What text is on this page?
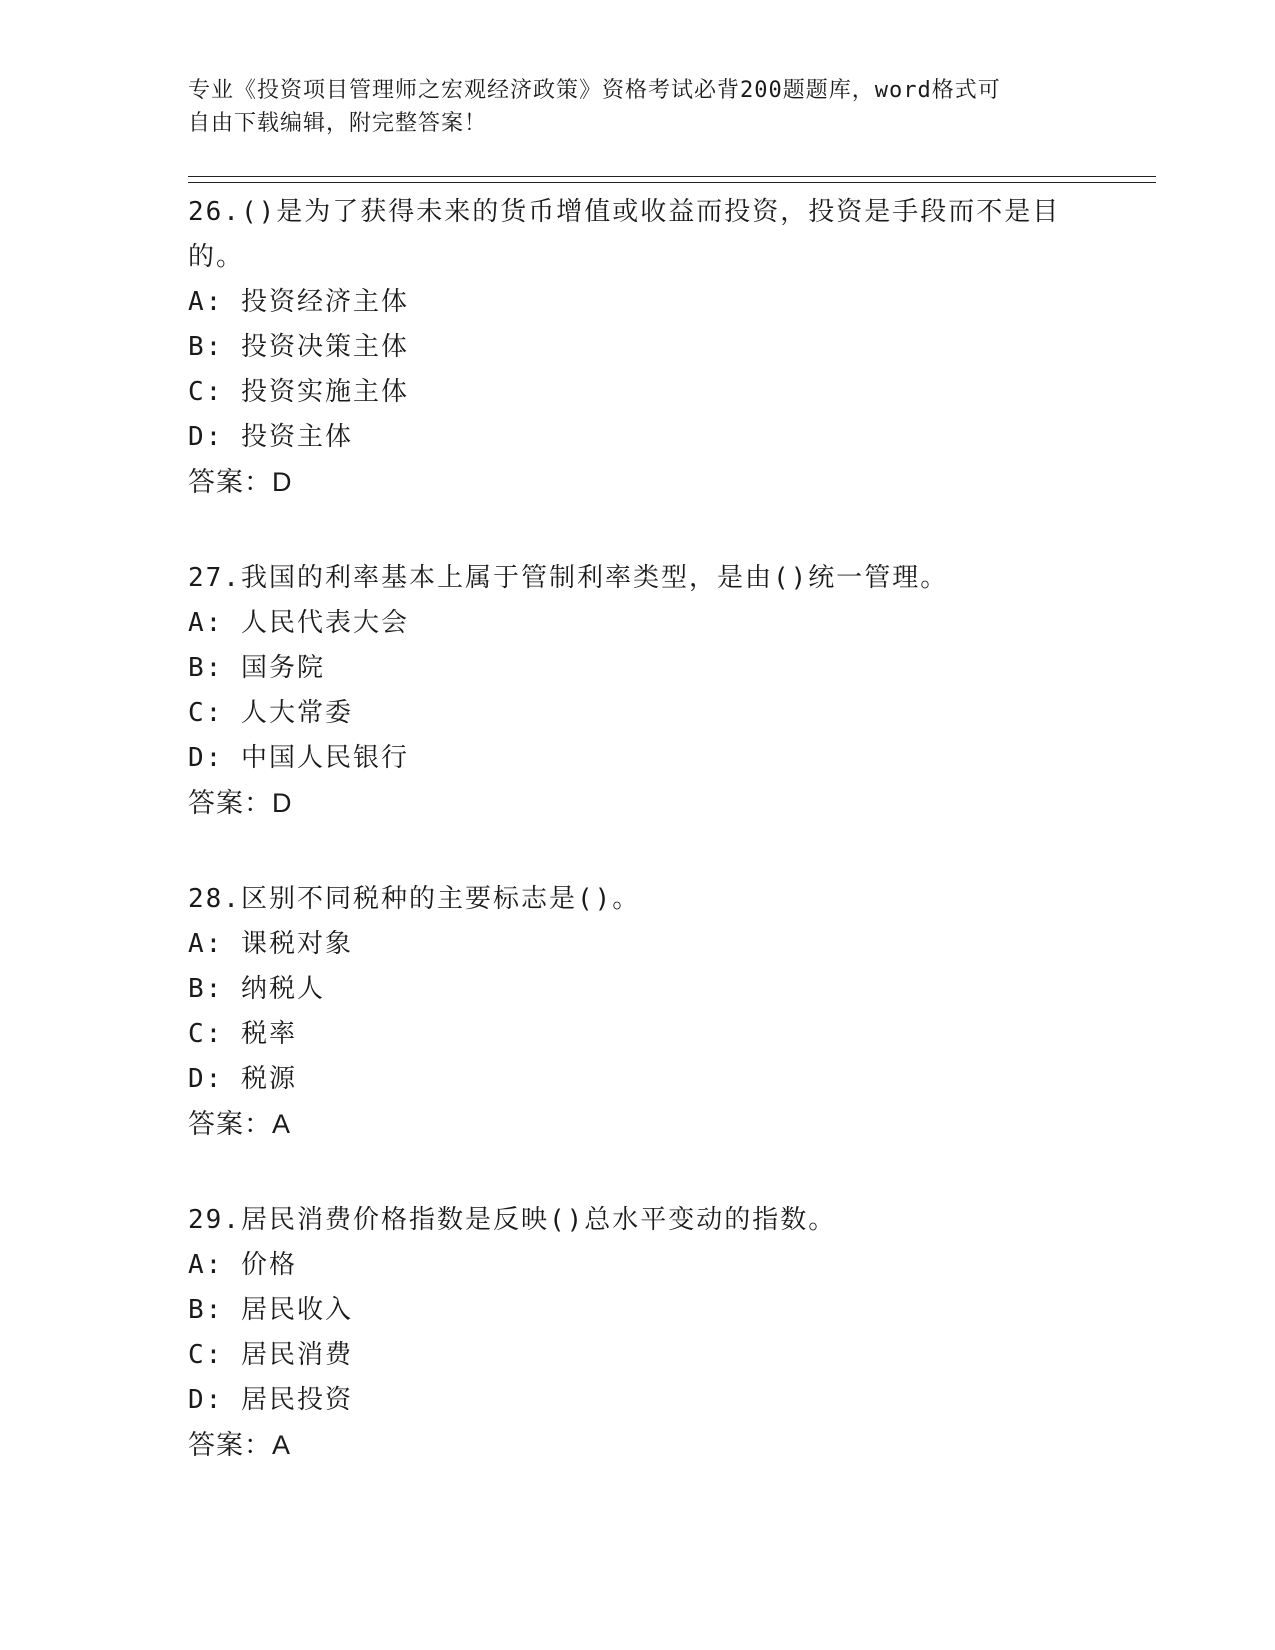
专业《投资项目管理师之宏观经济政策》资格考试必背200题题库，word格式可
自由下载编辑，附完整答案！
26.()是为了获得未来的货币增值或收益而投资，投资是手段而不是目
的。
A: 投资经济主体
B: 投资决策主体
C: 投资实施主体
D: 投资主体
答案：D
27.我国的利率基本上属于管制利率类型，是由()统一管理。
A: 人民代表大会
B: 国务院
C: 人大常委
D: 中国人民银行
答案：D
28.区别不同税种的主要标志是()。
A: 课税对象
B: 纳税人
C: 税率
D: 税源
答案：A
29.居民消费价格指数是反映()总水平变动的指数。
A: 价格
B: 居民收入
C: 居民消费
D: 居民投资
答案：A
